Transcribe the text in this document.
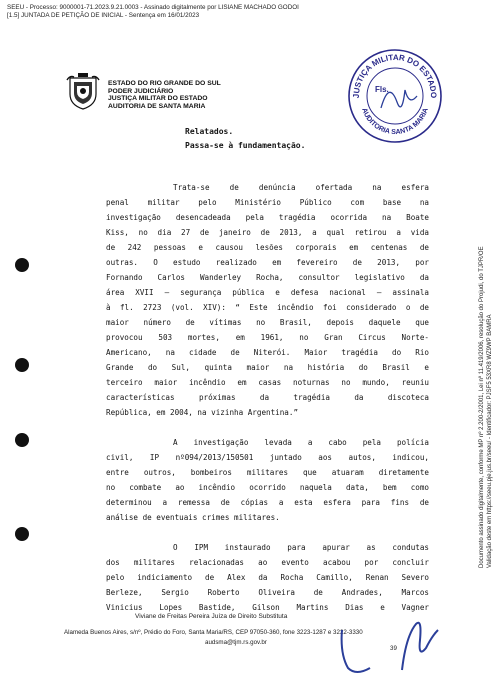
SEEU - Processo: 9000001-71.2023.9.21.0003 - Assinado digitalmente por LISIANE MACHADO GODOI
[1.5] JUNTADA DE PETIÇÃO DE INICIAL - Sentença em 16/01/2023
ESTADO DO RIO GRANDE DO SUL
PODER JUDICIÁRIO
JUSTIÇA MILITAR DO ESTADO
AUDITORIA DE SANTA MARIA
JUSTIÇA MILITAR DO ESTADO
AUDITORIA SANTA MARIA
Fls.
Relatados.
Passa-se à fundamentação.
Trata-se de denúncia ofertada na esfera
penal militar pelo Ministério Público com base na
investigação desencadeada pela tragédia ocorrida na Boate
Kiss, no dia 27 de janeiro de 2013, a qual retirou a vida
de 242 pessoas e causou lesões corporais em centenas de
outras. O estudo realizado em fevereiro de 2013, por
Fornando Carlos Wanderley Rocha, consultor legislativo da
área XVII – segurança pública e defesa nacional – assinala
à fl. 2723 (vol. XIV): “ Este incêndio foi considerado o de
maior número de vítimas no Brasil, depois daquele que
provocou 503 mortes, em 1961, no Gran Circus Norte-
Americano, na cidade de Niterói. Maior tragédia do Rio
Grande do Sul, quinta maior na história do Brasil e
terceiro maior incêndio em casas noturnas no mundo, reuniu
características próximas da tragédia da discoteca
República, em 2004, na vizinha Argentina.”
A investigação levada a cabo pela polícia
civil, IP nº094/2013/150501 juntado aos autos, indicou,
entre outros, bombeiros militares que atuaram diretamente
no combate ao incêndio ocorrido naquela data, bem como
determinou a remessa de cópias a esta esfera para fins de
análise de eventuais crimes militares.
O IPM instaurado para apurar as condutas
dos militares relacionadas ao evento acabou por concluir
pelo indiciamento de Alex da Rocha Camillo, Renan Severo
Berleze, Sergio Roberto Oliveira de Andrades, Marcos
Vinicius Lopes Bastide, Gilson Martins Dias e Vagner
Viviane de Freitas Pereira Juíza de Direito Substituta
Alameda Buenos Aires, s/nº, Prédio do Foro, Santa Maria/RS, CEP 97050-360, fone 3223-1287 e 3222-3330
audsma@tjm.rs.gov.br
39
Documento assinado digitalmente, conforme MP nº 2.200-2/2001, Lei nº 11.419/2006, resolução do Projudi, do TJPR/OE Validação deste em https://seeu.pje.jus.br/seeu/ - Identificador: PJSF5 53XR8 WZ9WP BAMRA
